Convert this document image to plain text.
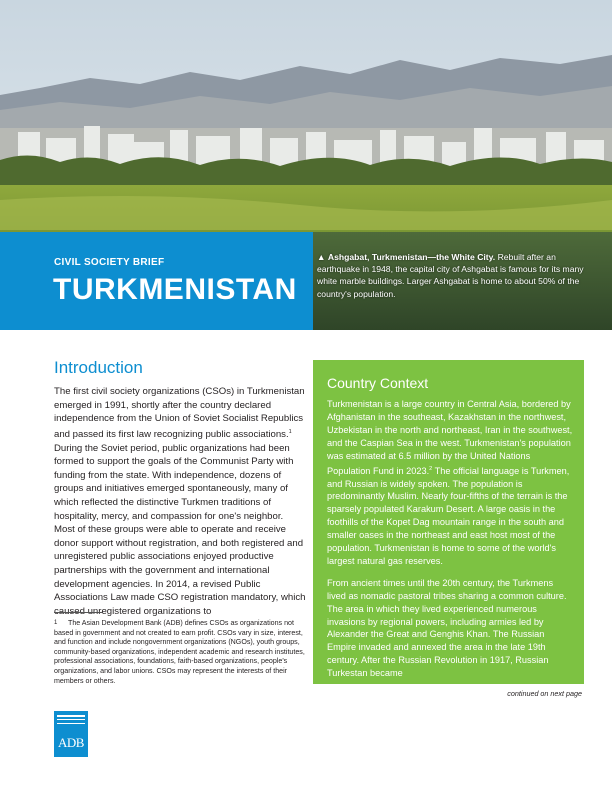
CIVIL SOCIETY BRIEF
TURKMENISTAN
▲ Ashgabat, Turkmenistan—the White City. Rebuilt after an earthquake in 1948, the capital city of Ashgabat is famous for its many white marble buildings. Larger Ashgabat is home to about 50% of the country's population.
Introduction
The first civil society organizations (CSOs) in Turkmenistan emerged in 1991, shortly after the country declared independence from the Union of Soviet Socialist Republics and passed its first law recognizing public associations.$^1$ During the Soviet period, public organizations had been formed to support the goals of the Communist Party with funding from the state. With independence, dozens of groups and initiatives emerged spontaneously, many of which reflected the distinctive Turkmen traditions of hospitality, mercy, and compassion for one's neighbor. Most of these groups were able to operate and receive donor support without registration, and both registered and unregistered public associations enjoyed productive partnerships with the government and international development agencies. In 2014, a revised Public Associations Law made CSO registration mandatory, which caused unregistered organizations to
1 The Asian Development Bank (ADB) defines CSOs as organizations not based in government and not created to earn profit. CSOs vary in size, interest, and function and include nongovernment organizations (NGOs), youth groups, community-based organizations, independent academic and research institutes, professional associations, foundations, faith-based organizations, people's organizations, and labor unions. CSOs may represent the interests of their members or others.
Country Context

Turkmenistan is a large country in Central Asia, bordered by Afghanistan in the southeast, Kazakhstan in the northwest, Uzbekistan in the north and northeast, Iran in the southwest, and the Caspian Sea in the west. Turkmenistan's population was estimated at 6.5 million by the United Nations Population Fund in 2023.$^2$ The official language is Turkmen, and Russian is widely spoken. The population is predominantly Muslim. Nearly four-fifths of the terrain is the sparsely populated Karakum Desert. A large oasis in the foothills of the Kopet Dag mountain range in the south and smaller oases in the northeast and east host most of the population. Turkmenistan is home to some of the world's largest natural gas reserves.

From ancient times until the 20th century, the Turkmens lived as nomadic pastoral tribes sharing a common culture. The area in which they lived experienced numerous invasions by regional powers, including armies led by Alexander the Great and Genghis Khan. The Russian Empire invaded and annexed the area in the late 19th century. After the Russian Revolution in 1917, Russian Turkestan became

continued on next page
ADB
